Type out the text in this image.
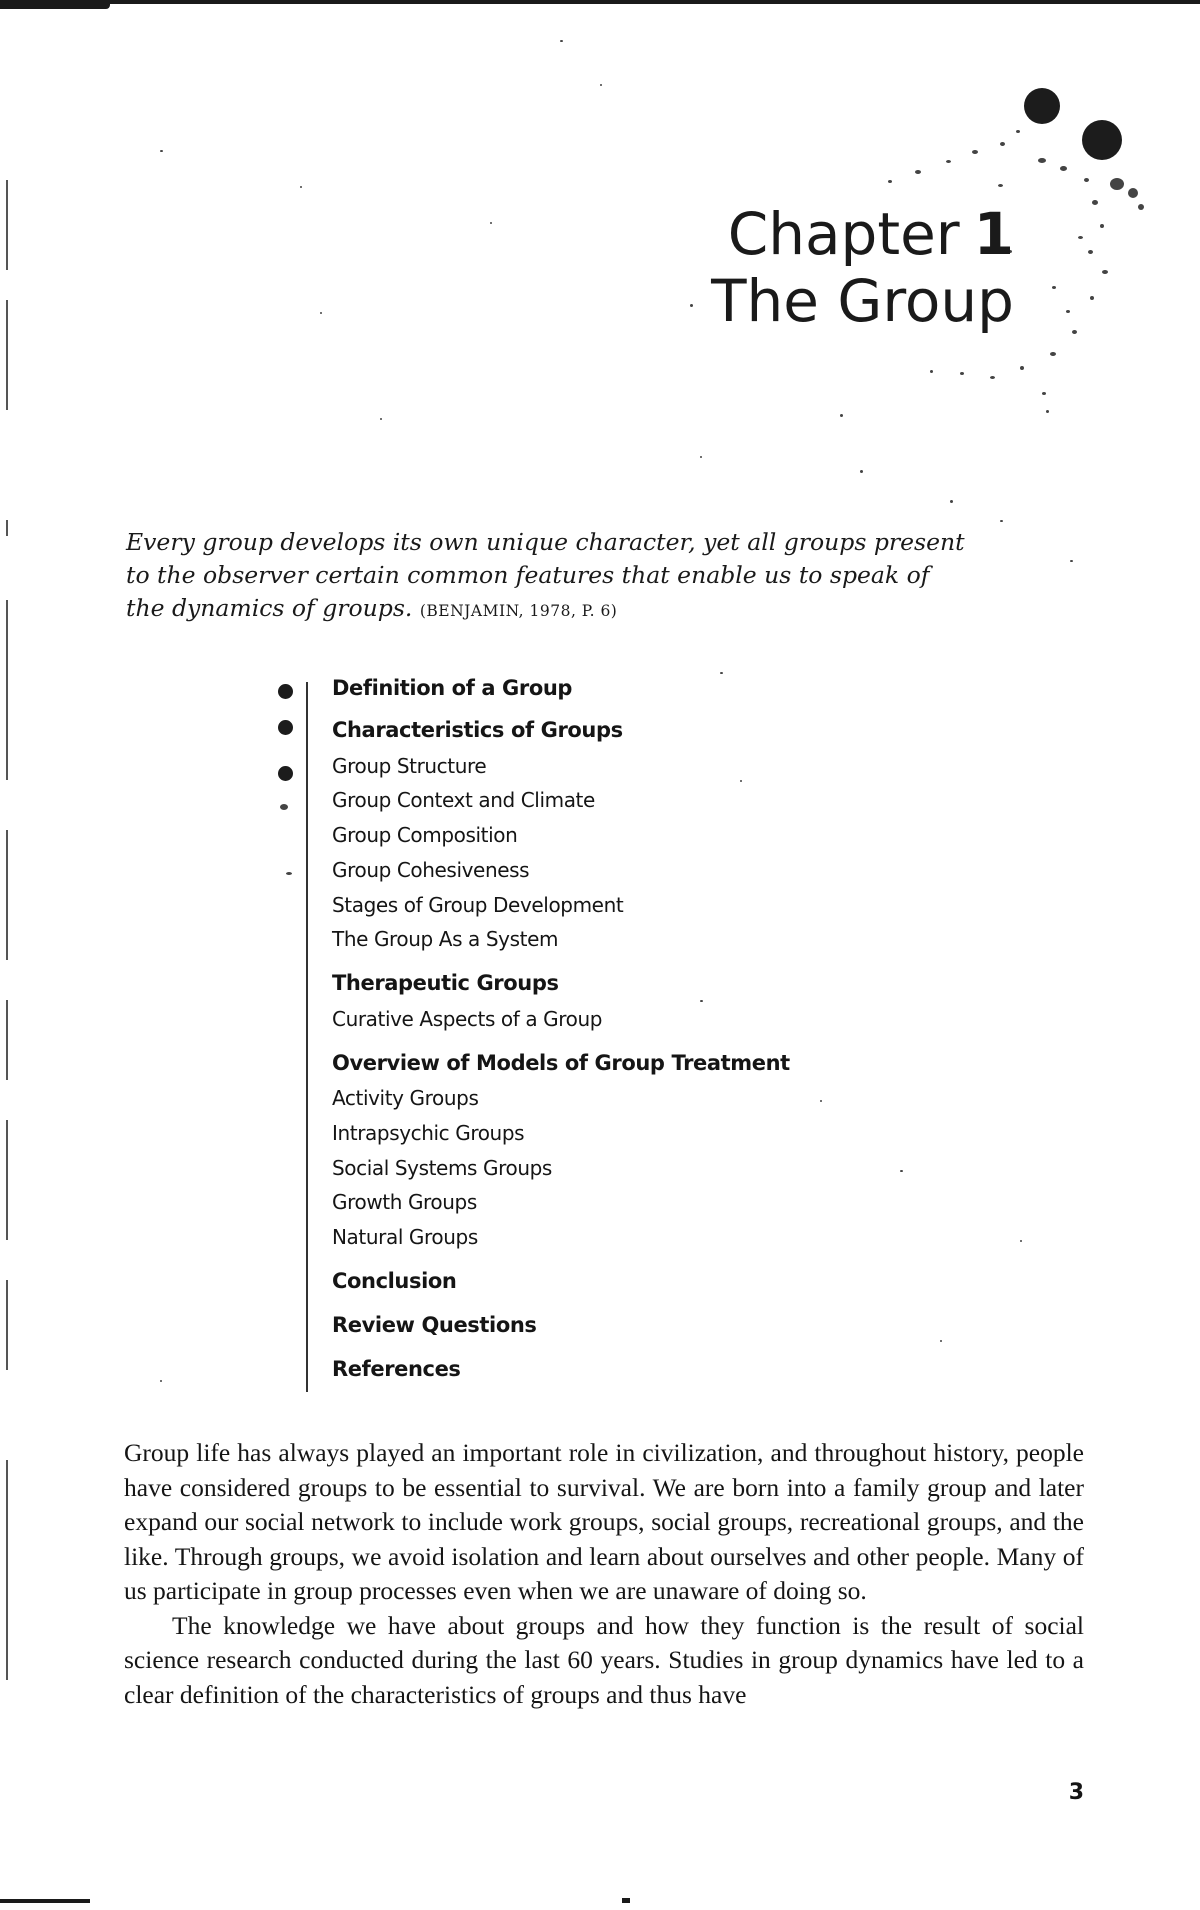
Chapter 1
The Group
Every group develops its own unique character, yet all groups present to the observer certain common features that enable us to speak of the dynamics of groups. (BENJAMIN, 1978, P. 6)
Definition of a Group
Characteristics of Groups
Group Structure
Group Context and Climate
Group Composition
Group Cohesiveness
Stages of Group Development
The Group As a System
Therapeutic Groups
Curative Aspects of a Group
Overview of Models of Group Treatment
Activity Groups
Intrapsychic Groups
Social Systems Groups
Growth Groups
Natural Groups
Conclusion
Review Questions
References

Group life has always played an important role in civilization, and throughout history, people have considered groups to be essential to survival. We are born into a family group and later expand our social network to include work groups, social groups, recreational groups, and the like. Through groups, we avoid isolation and learn about ourselves and other people. Many of us participate in group processes even when we are unaware of doing so.

The knowledge we have about groups and how they function is the result of social science research conducted during the last 60 years. Studies in group dynamics have led to a clear definition of the characteristics of groups and thus have

3
